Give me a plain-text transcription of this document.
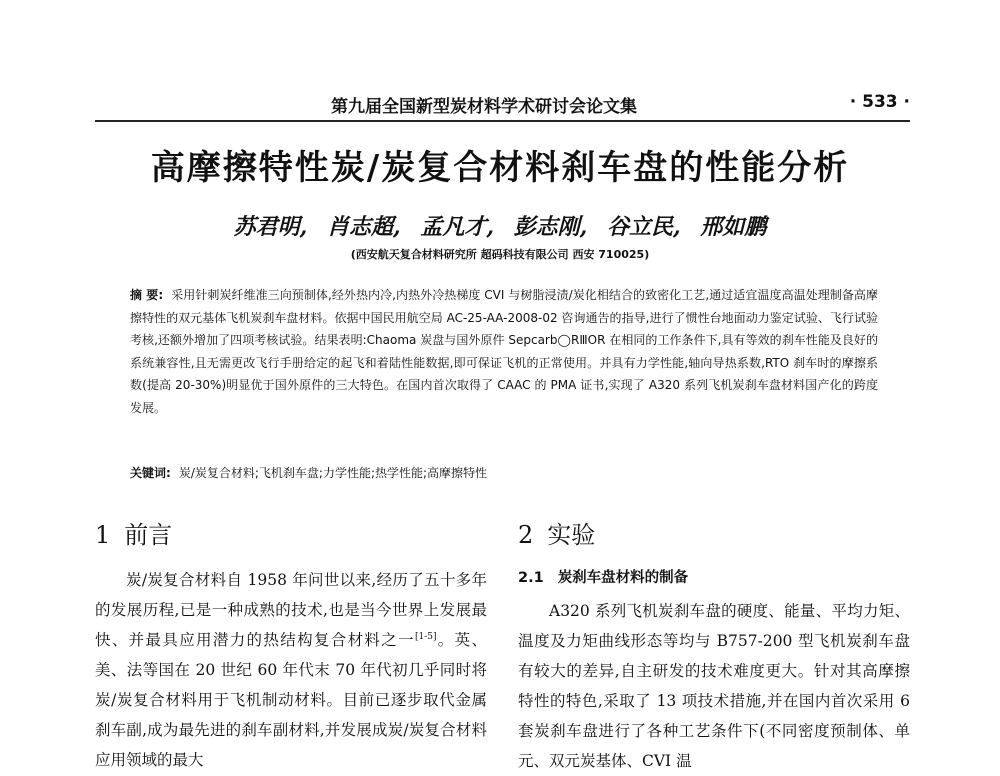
第九届全国新型炭材料学术研讨会论文集	· 533 ·
高摩擦特性炭/炭复合材料刹车盘的性能分析
苏君明, 肖志超, 孟凡才, 彭志刚, 谷立民, 邢如鹏
(西安航天复合材料研究所 超码科技有限公司 西安 710025)
摘 要: 采用针刺炭纤维准三向预制体,经外热内冷,内热外冷热梯度 CVI 与树脂浸渍/炭化相结合的致密化工艺,通过适宜温度高温处理制备高摩擦特性的双元基体飞机炭刹车盘材料。依据中国民用航空局 AC-25-AA-2008-02 咨询通告的指导,进行了惯性台地面动力鉴定试验、飞行试验考核,还额外增加了四项考核试验。结果表明:Chaoma 炭盘与国外原件 Sepcarb◯RⅢOR 在相同的工作条件下,具有等效的刹车性能及良好的系统兼容性,且无需更改飞行手册给定的起飞和着陆性能数据,即可保证飞机的正常使用。并具有力学性能,轴向导热系数,RTO 刹车时的摩擦系数(提高 20-30%)明显优于国外原件的三大特色。在国内首次取得了 CAAC 的 PMA 证书,实现了 A320 系列飞机炭刹车盘材料国产化的跨度发展。
关键词: 炭/炭复合材料;飞机刹车盘;力学性能;热学性能;高摩擦特性
1 前言
炭/炭复合材料自 1958 年问世以来,经历了五十多年的发展历程,已是一种成熟的技术,也是当今世界上发展最快、并最具应用潜力的热结构复合材料之一[1-5]。英、美、法等国在 20 世纪 60 年代末 70 年代初几乎同时将炭/炭复合材料用于飞机制动材料。目前已逐步取代金属刹车副,成为最先进的刹车副材料,并发展成炭/炭复合材料应用领域的最大
2 实验
2.1 炭刹车盘材料的制备
A320 系列飞机炭刹车盘的硬度、能量、平均力矩、温度及力矩曲线形态等均与 B757-200 型飞机炭刹车盘有较大的差异,自主研发的技术难度更大。针对其高摩擦特性的特色,采取了 13 项技术措施,并在国内首次采用 6 套炭刹车盘进行了各种工艺条件下(不同密度预制体、单元、双元炭基体、CVI 温
